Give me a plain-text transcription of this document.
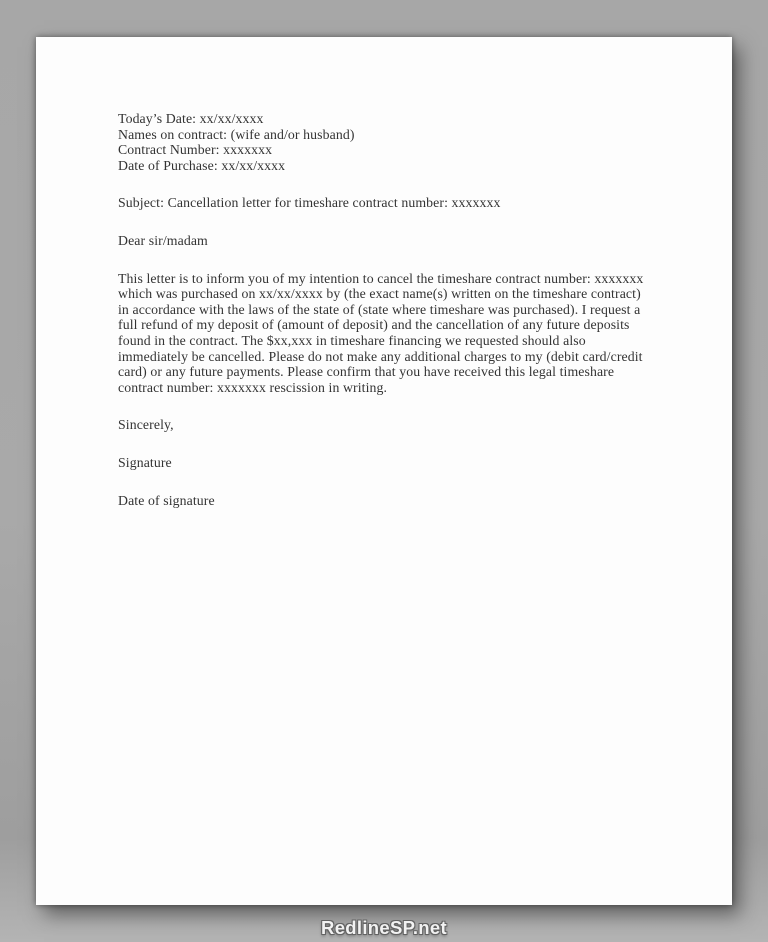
Today’s Date: xx/xx/xxxx
Names on contract: (wife and/or husband)
Contract Number: xxxxxxx
Date of Purchase: xx/xx/xxxx
Subject: Cancellation letter for timeshare contract number: xxxxxxx
Dear sir/madam
This letter is to inform you of my intention to cancel the timeshare contract number: xxxxxxx which was purchased on xx/xx/xxxx by (the exact name(s) written on the timeshare contract) in accordance with the laws of the state of (state where timeshare was purchased). I request a full refund of my deposit of (amount of deposit) and the cancellation of any future deposits found in the contract. The $xx,xxx in timeshare financing we requested should also immediately be cancelled. Please do not make any additional charges to my (debit card/credit card) or any future payments. Please confirm that you have received this legal timeshare contract number: xxxxxxx rescission in writing.
Sincerely,
Signature
Date of signature
RedlineSP.net
